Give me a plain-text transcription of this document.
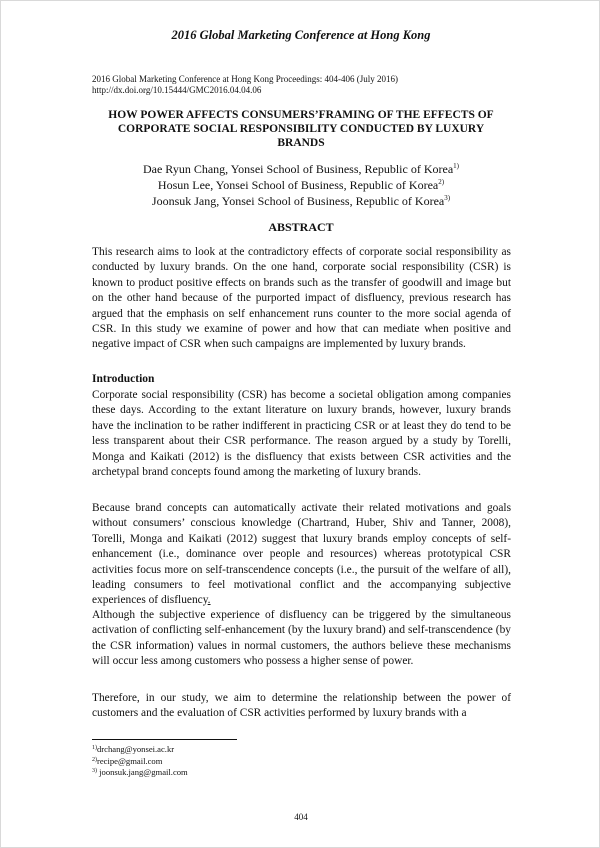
2016 Global Marketing Conference at Hong Kong
2016 Global Marketing Conference at Hong Kong Proceedings: 404-406 (July 2016)
http://dx.doi.org/10.15444/GMC2016.04.04.06
HOW POWER AFFECTS CONSUMERS’FRAMING OF THE EFFECTS OF CORPORATE SOCIAL RESPONSIBILITY CONDUCTED BY LUXURY BRANDS
Dae Ryun Chang, Yonsei School of Business, Republic of Korea$^{1)}$
Hosun Lee, Yonsei School of Business, Republic of Korea$^{2)}$
Joonsuk Jang, Yonsei School of Business, Republic of Korea$^{3)}$
ABSTRACT

This research aims to look at the contradictory effects of corporate social responsibility as conducted by luxury brands. On the one hand, corporate social responsibility (CSR) is known to product positive effects on brands such as the transfer of goodwill and image but on the other hand because of the purported impact of disfluency, previous research has argued that the emphasis on self enhancement runs counter to the more social agenda of CSR. In this study we examine of power and how that can mediate when positive and negative impact of CSR when such campaigns are implemented by luxury brands.

Introduction

Corporate social responsibility (CSR) has become a societal obligation among companies these days. According to the extant literature on luxury brands, however, luxury brands have the inclination to be rather indifferent in practicing CSR or at least they do tend to be less transparent about their CSR performance. The reason argued by a study by Torelli, Monga and Kaikati (2012) is the disfluency that exists between CSR activities and the archetypal brand concepts found among the marketing of luxury brands.

Because brand concepts can automatically activate their related motivations and goals without consumers’ conscious knowledge (Chartrand, Huber, Shiv and Tanner, 2008), Torelli, Monga and Kaikati (2012) suggest that luxury brands employ concepts of self-enhancement (i.e., dominance over people and resources) whereas prototypical CSR activities focus more on self-transcendence concepts (i.e., the pursuit of the welfare of all), leading consumers to feel motivational conflict and the accompanying subjective experiences of disfluency.

Although the subjective experience of disfluency can be triggered by the simultaneous activation of conflicting self-enhancement (by the luxury brand) and self-transcendence (by the CSR information) values in normal customers, the authors believe these mechanisms will occur less among customers who possess a higher sense of power.

Therefore, in our study, we aim to determine the relationship between the power of customers and the evaluation of CSR activities performed by luxury brands with a

$^{1)}$drchang@yonsei.ac.kr
$^{2)}$recipe@gmail.com
$^{3)}$ joonsuk.jang@gmail.com
404
